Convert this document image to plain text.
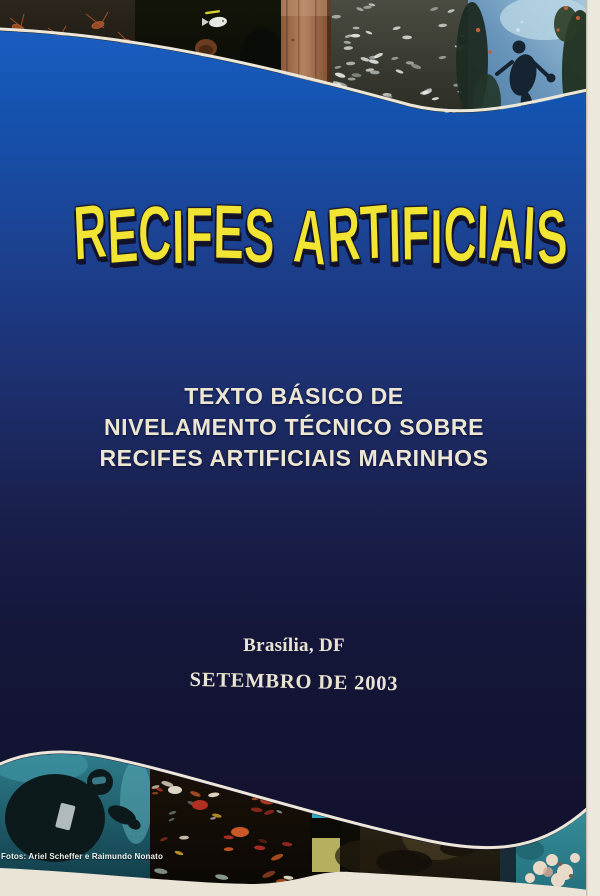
RECIFES ARTIFICIAIS
TEXTO BÁSICO DE
NIVELAMENTO TÉCNICO SOBRE
RECIFES ARTIFICIAIS MARINHOS
Brasília, DF
SETEMBRO DE 2003
Fotos: Ariel Scheffer e Raimundo Nonato
